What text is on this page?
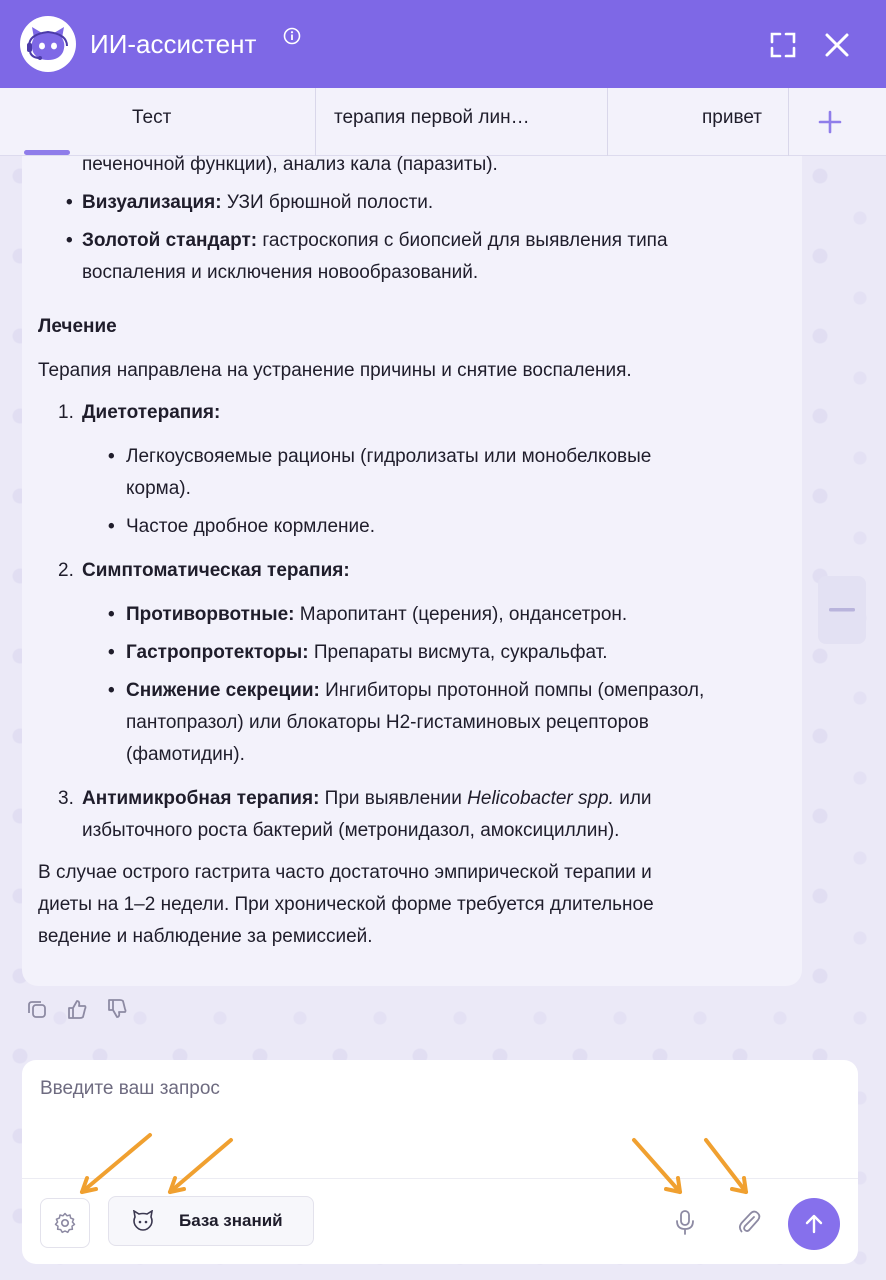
ИИ-ассистент
Тест	терапия первой лин…	привет

печеночной функции), анализ кала (паразиты).

• Визуализация: УЗИ брюшной полости.

• Золотой стандарт: гастроскопия с биопсией для выявления типа
воспаления и исключения новообразований.

Лечение

Терапия направлена на устранение причины и снятие воспаления.

1. Диетотерапия:

• Легкоусвояемые рационы (гидролизаты или монобелковые
корма).

• Частое дробное кормление.

2. Симптоматическая терапия:

• Противорвотные: Маропитант (церения), ондансетрон.

• Гастропротекторы: Препараты висмута, сукральфат.

• Снижение секреции: Ингибиторы протонной помпы (омепразол,
пантопразол) или блокаторы Н2-гистаминовых рецепторов
(фамотидин).

3. Антимикробная терапия: При выявлении Helicobacter spp. или
избыточного роста бактерий (метронидазол, амоксициллин).

В случае острого гастрита часто достаточно эмпирической терапии и
диеты на 1–2 недели. При хронической форме требуется длительное
ведение и наблюдение за ремиссией.

Введите ваш запрос
База знаний
